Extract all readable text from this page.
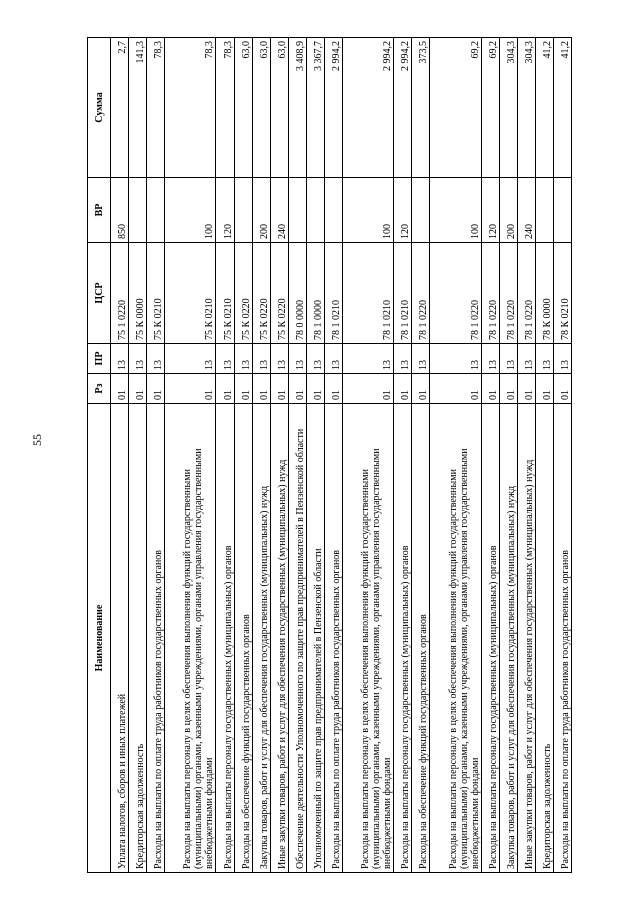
55
Наименование	Рз	ПР	ЦСР	ВР	Сумма
Уплата налогов, сборов и иных платежей	01	13	75 1 0220	850	2,7
Кредиторская задолженность	01	13	75 К 0000		141,3
Расходы на выплаты по оплате труда работников государственных органов	01	13	75 К 0210		78,3
Расходы на выплаты персоналу в целях обеспечения выполнения функций государственными (муниципальными) органами, казенными учреждениями, органами управления государственными внебюджетными фондами	01	13	75 К 0210	100	78,3
Расходы на выплаты персоналу государственных (муниципальных) органов	01	13	75 К 0210	120	78,3
Расходы на обеспечение функций государственных органов	01	13	75 К 0220		63,0
Закупка товаров, работ и услуг для обеспечения государственных (муниципальных) нужд	01	13	75 К 0220	200	63,0
Иные закупки товаров, работ и услуг для обеспечения государственных (муниципальных) нужд	01	13	75 К 0220	240	63,0
Обеспечение деятельности Уполномоченного по защите прав предпринимателей в Пензенской области	01	13	78 0 0000		3 408,9
Уполномоченный по защите прав предпринимателей в Пензенской области	01	13	78 1 0000		3 367,7
Расходы на выплаты по оплате труда работников государственных органов	01	13	78 1 0210		2 994,2
Расходы на выплаты персоналу в целях обеспечения выполнения функций государственными (муниципальными) органами, казенными учреждениями, органами управления государственными внебюджетными фондами	01	13	78 1 0210	100	2 994,2
Расходы на выплаты персоналу государственных (муниципальных) органов	01	13	78 1 0210	120	2 994,2
Расходы на обеспечение функций государственных органов	01	13	78 1 0220		373,5
Расходы на выплаты персоналу в целях обеспечения выполнения функций государственными (муниципальными) органами, казенными учреждениями, органами управления государственными внебюджетными фондами	01	13	78 1 0220	100	69,2
Расходы на выплаты персоналу государственных (муниципальных) органов	01	13	78 1 0220	120	69,2
Закупка товаров, работ и услуг для обеспечения государственных (муниципальных) нужд	01	13	78 1 0220	200	304,3
Иные закупки товаров, работ и услуг для обеспечения государственных (муниципальных) нужд	01	13	78 1 0220	240	304,3
Кредиторская задолженность	01	13	78 К 0000		41,2
Расходы на выплаты по оплате труда работников государственных органов	01	13	78 К 0210		41,2
